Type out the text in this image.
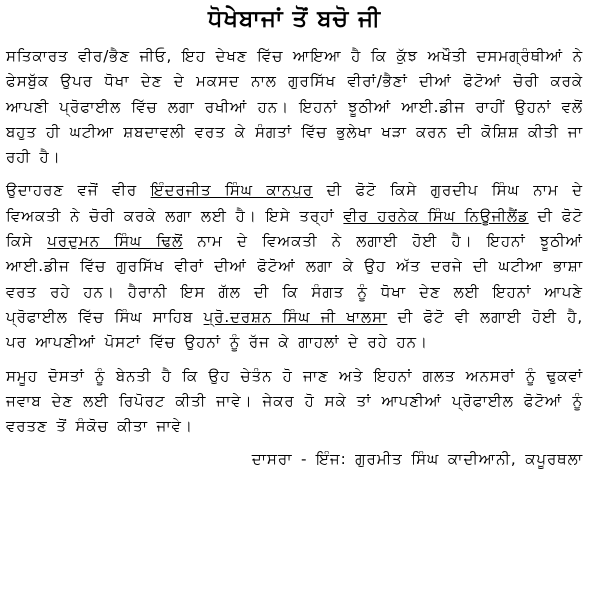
ਧੋਖੇਬਾਜਾਂ ਤੋਂ ਬਚੋ ਜੀ

ਸਤਿਕਾਰਤ ਵੀਰ/ਭੈਣ ਜੀਓ, ਇਹ ਦੇਖਣ ਵਿੱਚ ਆਇਆ ਹੈ ਕਿ ਕੁੱਝ ਅਖੌਤੀ ਦਸਮਗ੍ਰੰਥੀਆਂ ਨੇ ਫੇਸਬੁੱਕ ਉਪਰ ਧੋਖਾ ਦੇਣ ਦੇ ਮਕਸਦ ਨਾਲ ਗੁਰਸਿੱਖ ਵੀਰਾਂ/ਭੈਣਾਂ ਦੀਆਂ ਫੋਟੋਆਂ ਚੋਰੀ ਕਰਕੇ ਆਪਣੀ ਪ੍ਰੋਫਾਈਲ ਵਿੱਚ ਲਗਾ ਰਖੀਆਂ ਹਨ। ਇਹਨਾਂ ਝੂਠੀਆਂ ਆਈ.ਡੀਜ ਰਾਹੀਂ ਉਹਨਾਂ ਵਲੋਂ ਬਹੁਤ ਹੀ ਘਟੀਆ ਸ਼ਬਦਾਵਲੀ ਵਰਤ ਕੇ ਸੰਗਤਾਂ ਵਿੱਚ ਭੁਲੇਖਾ ਖੜਾ ਕਰਨ ਦੀ ਕੋਸ਼ਿਸ਼ ਕੀਤੀ ਜਾ ਰਹੀ ਹੈ।

ਉਦਾਹਰਣ ਵਜੋਂ ਵੀਰ ਇੰਦਰਜੀਤ ਸਿੰਘ ਕਾਨਪੁਰ ਦੀ ਫੋਟੋ ਕਿਸੇ ਗੁਰਦੀਪ ਸਿੰਘ ਨਾਮ ਦੇ ਵਿਅਕਤੀ ਨੇ ਚੋਰੀ ਕਰਕੇ ਲਗਾ ਲਈ ਹੈ। ਇਸੇ ਤਰ੍ਹਾਂ ਵੀਰ ਹਰਨੇਕ ਸਿੰਘ ਨਿਊਜੀਲੈਂਡ ਦੀ ਫੋਟੋ ਕਿਸੇ ਪਰਦੁਮਨ ਸਿੰਘ ਢਿਲੋਂ ਨਾਮ ਦੇ ਵਿਅਕਤੀ ਨੇ ਲਗਾਈ ਹੋਈ ਹੈ। ਇਹਨਾਂ ਝੂਠੀਆਂ ਆਈ.ਡੀਜ ਵਿੱਚ ਗੁਰਸਿੱਖ ਵੀਰਾਂ ਦੀਆਂ ਫੋਟੋਆਂ ਲਗਾ ਕੇ ਉਹ ਅੱਤ ਦਰਜੇ ਦੀ ਘਟੀਆ ਭਾਸ਼ਾ ਵਰਤ ਰਹੇ ਹਨ। ਹੈਰਾਨੀ ਇਸ ਗੱਲ ਦੀ ਕਿ ਸੰਗਤ ਨੂੰ ਧੋਖਾ ਦੇਣ ਲਈ ਇਹਨਾਂ ਆਪਣੇ ਪ੍ਰੋਫਾਈਲ ਵਿੱਚ ਸਿੰਘ ਸਾਹਿਬ ਪ੍ਰੋ.ਦਰਸ਼ਨ ਸਿੰਘ ਜੀ ਖਾਲਸਾ ਦੀ ਫੋਟੋ ਵੀ ਲਗਾਈ ਹੋਈ ਹੈ, ਪਰ ਆਪਣੀਆਂ ਪੋਸਟਾਂ ਵਿੱਚ ਉਹਨਾਂ ਨੂੰ ਰੱਜ ਕੇ ਗਾਹਲਾਂ ਦੇ ਰਹੇ ਹਨ।

ਸਮੂਹ ਦੋਸਤਾਂ ਨੂੰ ਬੇਨਤੀ ਹੈ ਕਿ ਉਹ ਚੇਤੰਨ ਹੋ ਜਾਣ ਅਤੇ ਇਹਨਾਂ ਗਲਤ ਅਨਸਰਾਂ ਨੂੰ ਢੁਕਵਾਂ ਜਵਾਬ ਦੇਣ ਲਈ ਰਿਪੋਰਟ ਕੀਤੀ ਜਾਵੇ। ਜੇਕਰ ਹੋ ਸਕੇ ਤਾਂ ਆਪਣੀਆਂ ਪ੍ਰੋਫਾਈਲ ਫੋਟੋਆਂ ਨੂੰ ਵਰਤਣ ਤੋਂ ਸੰਕੋਚ ਕੀਤਾ ਜਾਵੇ।

ਦਾਸਰਾ - ਇੰਜ: ਗੁਰਮੀਤ ਸਿੰਘ ਕਾਦੀਆਨੀ, ਕਪੂਰਥਲਾ
